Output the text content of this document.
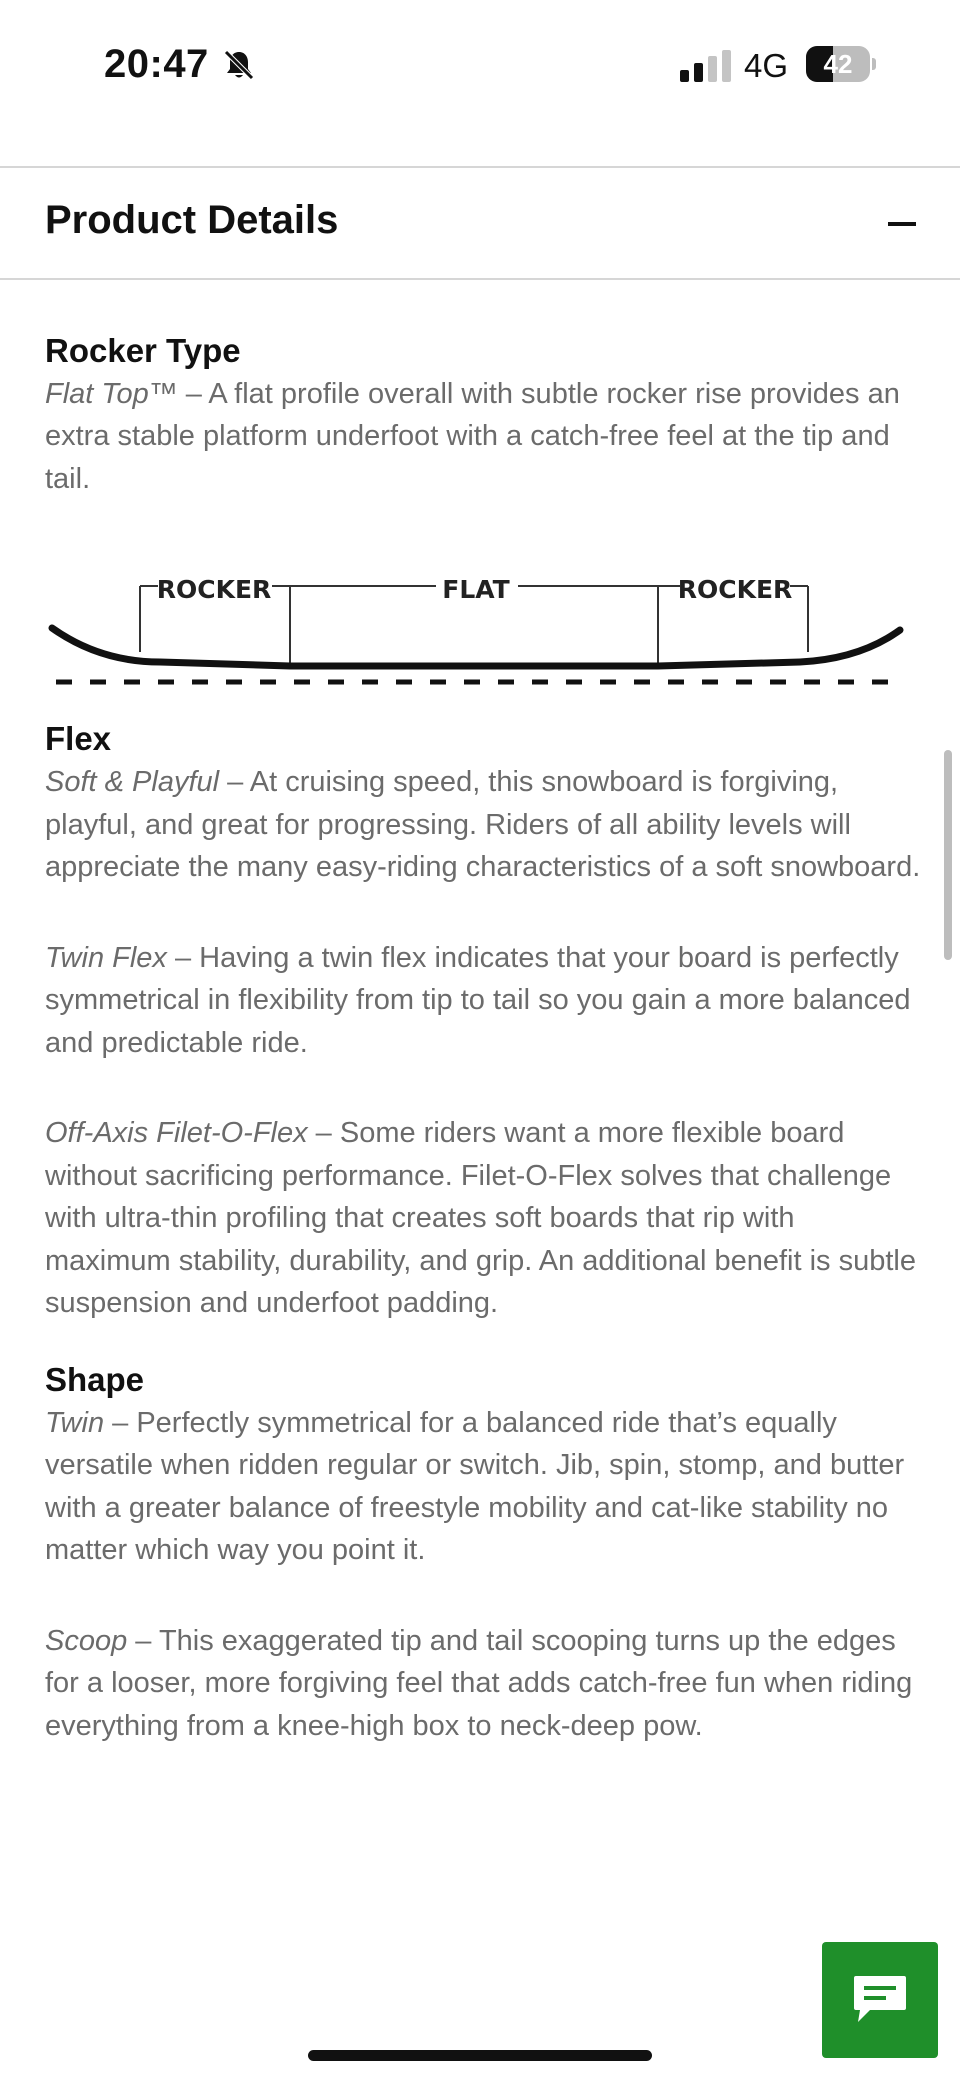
20:47	4G	42
Product Details
Rocker Type

Flat Top™ – A flat profile overall with subtle rocker rise provides an extra stable platform underfoot with a catch-free feel at the tip and tail.

ROCKER	FLAT	ROCKER
Flex

Soft & Playful – At cruising speed, this snowboard is forgiving, playful, and great for progressing. Riders of all ability levels will appreciate the many easy-riding characteristics of a soft snowboard.

Twin Flex – Having a twin flex indicates that your board is perfectly symmetrical in flexibility from tip to tail so you gain a more balanced and predictable ride.

Off-Axis Filet-O-Flex – Some riders want a more flexible board without sacrificing performance. Filet-O-Flex solves that challenge with ultra-thin profiling that creates soft boards that rip with maximum stability, durability, and grip. An additional benefit is subtle suspension and underfoot padding.

Shape

Twin – Perfectly symmetrical for a balanced ride that’s equally versatile when ridden regular or switch. Jib, spin, stomp, and butter with a greater balance of freestyle mobility and cat-like stability no matter which way you point it.

Scoop – This exaggerated tip and tail scooping turns up the edges for a looser, more forgiving feel that adds catch-free fun when riding everything from a knee-high box to neck-deep pow.
